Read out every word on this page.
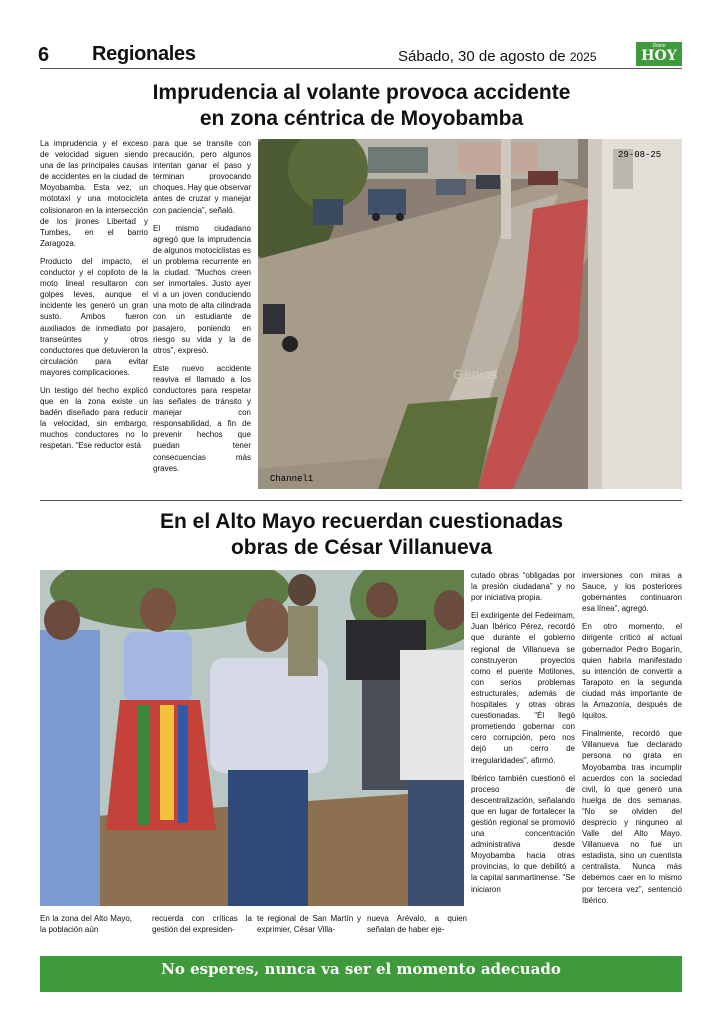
6 Regionales	Sábado, 30 de agosto de 2025
Diario
HOY
Imprudencia al volante provoca accidente
en zona céntrica de Moyobamba

La imprudencia y el exceso de velocidad siguen siendo una de las principales causas de accidentes en la ciudad de Moyobamba. Esta vez, un mototaxi y una motocicleta colisionaron en la intersección de los jirones Libertad y Tumbes, en el barrio Zaragoza.

Producto del impacto, el conductor y el copiloto de la moto lineal resultaron con golpes leves, aunque el incidente les generó un gran susto. Ambos fueron auxiliados de inmediato por transeúntes y otros conductores que detuvieron la circulación para evitar mayores complicaciones.

Un testigo del hecho explicó que en la zona existe un badén diseñado para reducir la velocidad, sin embargo, muchos conductores no lo respetan. “Ese reductor está

para que se transite con precaución, pero algunos intentan ganar el paso y terminan provocando choques. Hay que observar antes de cruzar y manejar con paciencia”, señaló.

El mismo ciudadano agregó que la imprudencia de algunos motociclistas es un problema recurrente en la ciudad. “Muchos creen ser inmortales. Justo ayer vi a un joven conduciendo una moto de alta cilindrada con un estudiante de pasajero, poniendo en riesgo su vida y la de otros”, expresó.

Este nuevo accidente reaviva el llamado a los conductores para respetar las señales de tránsito y manejar con responsabilidad, a fin de prevenir hechos que puedan tener consecuencias más graves.

29-08-25
Genios
Channel1
En el Alto Mayo recuerdan cuestionadas
obras de César Villanueva
En la zona del Alto Mayo, la población aún
recuerda con críticas la gestión del expresiden-
te regional de San Martín y exprimier, César Villa-
nueva Arévalo, a quien señalan de haber eje-

cutado obras “obligadas por la presión ciudadana” y no por iniciativa propia.

El exdirigente del Fedeimam, Juan Ibérico Pérez, recordó que durante el gobierno regional de Villanueva se construyeron proyectos como el puente Motilones, con serios problemas estructurales, además de hospitales y otras obras cuestionadas. “Él llegó prometiendo gobernar con cero corrupción, pero nos dejó un cerro de irregularidades”, afirmó.

Ibérico también cuestionó el proceso de descentralización, señalando que en lugar de fortalecer la gestión regional se promovió una concentración administrativa desde Moyobamba hacia otras provincias, lo que debilitó a la capital sanmartinense. “Se iniciaron

inversiones con miras a Sauce, y los posteriores gobernantes continuaron esa línea”, agregó.

En otro momento, el dirigente criticó al actual gobernador Pedro Bogarín, quien habría manifestado su intención de convertir a Tarapoto en la segunda ciudad más importante de la Amazonía, después de Iquitos.

Finalmente, recordó que Villanueva fue declarado persona no grata en Moyobamba tras incumplir acuerdos con la sociedad civil, lo que generó una huelga de dos semanas. “No se olviden del desprecio y ninguneo al Valle del Alto Mayo. Villanueva no fue un estadista, sino un cuentista centralista. Nunca más debemos caer en lo mismo por tercera vez”, sentenció Ibérico.

No esperes, nunca va ser el momento adecuado
